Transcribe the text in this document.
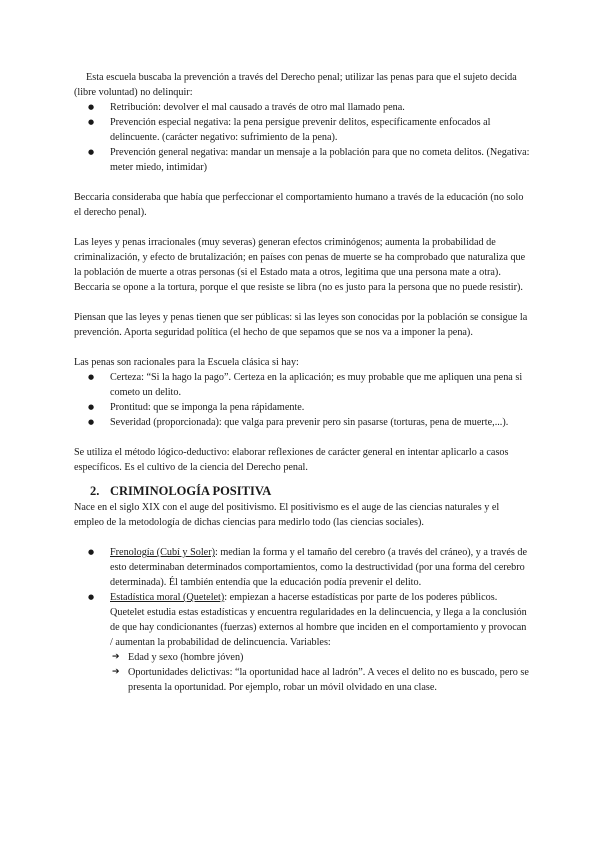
Esta escuela buscaba la prevención a través del Derecho penal; utilizar las penas para que el sujeto decida (libre voluntad) no delinquir:

● Retribución: devolver el mal causado a través de otro mal llamado pena.
● Prevención especial negativa: la pena persigue prevenir delitos, específicamente enfocados al delincuente. (carácter negativo: sufrimiento de la pena).
● Prevención general negativa: mandar un mensaje a la población para que no cometa delitos. (Negativa: meter miedo, intimidar)

Beccaria consideraba que había que perfeccionar el comportamiento humano a través de la educación (no solo el derecho penal).

Las leyes y penas irracionales (muy severas) generan efectos criminógenos; aumenta la probabilidad de criminalización, y efecto de brutalización; en países con penas de muerte se ha comprobado que naturaliza que la población de muerte a otras personas (si el Estado mata a otros, legitima que una persona mate a otra). Beccaria se opone a la tortura, porque el que resiste se libra (no es justo para la persona que no puede resistir).

Piensan que las leyes y penas tienen que ser públicas: si las leyes son conocidas por la población se consigue la prevención. Aporta seguridad política (el hecho de que sepamos que se nos va a imponer la pena).

Las penas son racionales para la Escuela clásica si hay:

● Certeza: “Si la hago la pago”. Certeza en la aplicación; es muy probable que me apliquen una pena si cometo un delito.
● Prontitud: que se imponga la pena rápidamente.
● Severidad (proporcionada): que valga para prevenir pero sin pasarse (torturas, pena de muerte,...).

Se utiliza el método lógico-deductivo: elaborar reflexiones de carácter general en intentar aplicarlo a casos específicos. Es el cultivo de la ciencia del Derecho penal.

2. CRIMINOLOGÍA POSITIVA

Nace en el siglo XIX con el auge del positivismo. El positivismo es el auge de las ciencias naturales y el empleo de la metodología de dichas ciencias para medirlo todo (las ciencias sociales).

● Frenología (Cubí y Soler): median la forma y el tamaño del cerebro (a través del cráneo), y a través de esto determinaban determinados comportamientos, como la destructividad (por una forma del cerebro determinada). Él también entendía que la educación podía prevenir el delito.
● Estadística moral (Quetelet): empiezan a hacerse estadísticas por parte de los poderes públicos. Quetelet estudia estas estadísticas y encuentra regularidades en la delincuencia, y llega a la conclusión de que hay condicionantes (fuerzas) externos al hombre que inciden en el comportamiento y provocan / aumentan la probabilidad de delincuencia. Variables:
➔ Edad y sexo (hombre jóven)
➔ Oportunidades delictivas: “la oportunidad hace al ladrón”. A veces el delito no es buscado, pero se presenta la oportunidad. Por ejemplo, robar un móvil olvidado en una clase.
